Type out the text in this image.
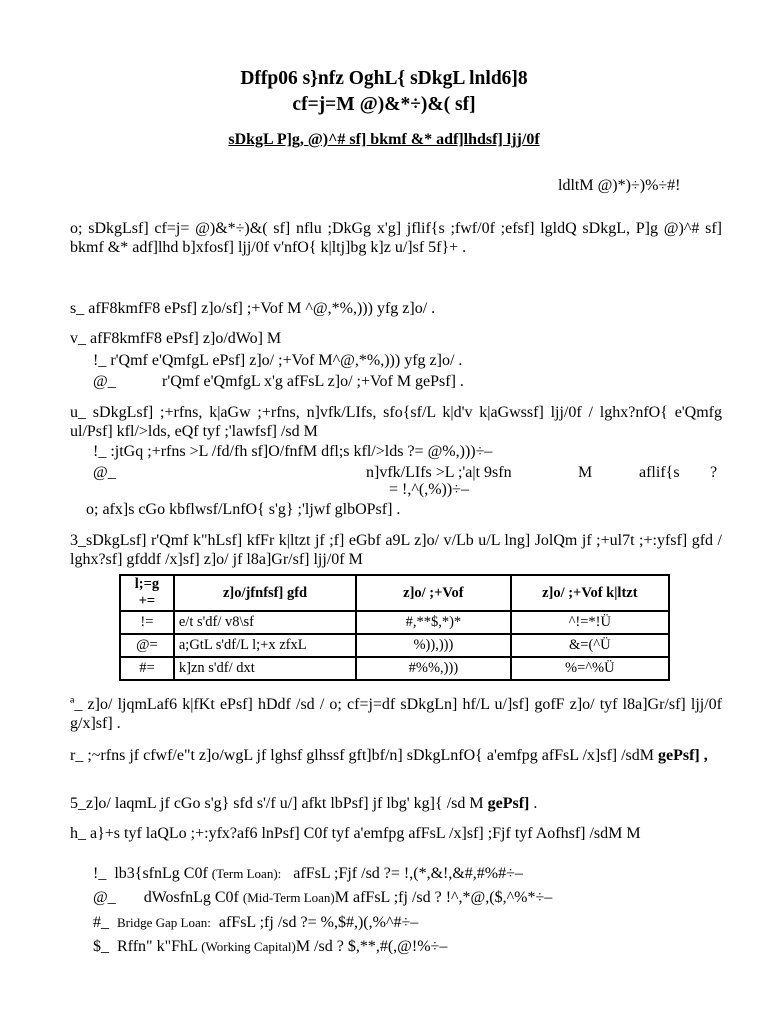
Dffp06 s}nfz OghL{ sDkgL lnld6]8
cf=j=M @)&*÷)&( sf]
sDkgL P]g, @)^# sf] bkmf &* adf]lhdsf] ljj/0f
ldltM @)*)÷)%÷#!
o; sDkgLsf] cf=j= @)&*÷)&( sf] nflu ;DkGg x'g] jflif{s ;fwf/0f ;efsf] lgldQ sDkgL, P]g @)^# sf] bkmf &* adf]lhd b]xfosf] ljj/0f v'nfO{ k|ltj]bg k]z u/]sf 5f}+ .
s_ afF8kmfF8 ePsf] z]o/sf] ;+Vof M ^@,*%,))) yfg z]o/ .
v_ afF8kmfF8 ePsf] z]o/dWo] M
!_ r'Qmf e'QmfgL ePsf] z]o/ ;+Vof M^@,*%,))) yfg z]o/ .
@_	r'Qmf e'QmfgL x'g afFsL z]o/ ;+Vof M gePsf] .
u_ sDkgLsf] ;+rfns, k|aGw ;+rfns, n]vfk/LIfs, sfo{sf/L k|d'v k|aGwssf] ljj/0f / lghx?nfO{ e'Qmfg ul/Psf] kfl/>lds, eQf tyf ;'lawfsf] /sd M
!_ :jtGq ;+rfns >L /fd/fh sf]O/fnfM dfl;s kfl/>lds ?= @%,)))÷–
@_	n]vfk/LIfs >L ;'a|t 9sfn	M	aflif{s ?
= !,^(,%))÷–
o; afx]s cGo kbflwsf/LnfO{ s'g} ;'ljwf glbOPsf] .
3_sDkgLsf] r'Qmf k"hLsf] kfFr k|ltzt jf ;f] eGbf a9L z]o/ v/Lb u/L lng] JolQm jf ;+ul7t ;+:yfsf] gfd / lghx?sf] gfddf /x]sf] z]o/ jf l8a]Gr/sf] ljj/0f M
l;=g +=	z]o/jfnfsf] gfd	z]o/ ;+Vof	z]o/ ;+Vof k|ltzt
!=	e/t s'df/ v8\sf	#,**$,*)*	^!=*!Ü
@=	a;GtL s'df/L l;+x zfxL	%)),)))	&=(^Ü
#=	k]zn s'df/ dxt	#%%,)))	%=^%Ü
ª_ z]o/ ljqmLaf6 k|fKt ePsf] hDdf /sd / o; cf=j=df sDkgLn] hf/L u/]sf] gofF z]o/ tyf l8a]Gr/sf] ljj/0f g/x]sf] .
r_ ;~rfns jf cfwf/e"t z]o/wgL jf lghsf glhssf gft]bf/n] sDkgLnfO{ a'emfpg afFsL /x]sf] /sdM gePsf] ,
5_z]o/ laqmL jf cGo s'g} sfd s'/f u/] afkt lbPsf] jf lbg' kg]{ /sd M gePsf] .
h_ a}+s tyf laQLo ;+:yfx?af6 lnPsf] C0f tyf a'emfpg afFsL /x]sf] ;Fjf tyf Aofhsf] /sdM M
!_ lb3{sfnLg C0f (Term Loan): afFsL ;Fjf /sd ?= !,(*,&!,&#,#%#÷–
@_ dWosfnLg C0f (Mid-Term Loan)M afFsL ;fj /sd ? !^,*@,($,^%*÷–
#_ Bridge Gap Loan: afFsL ;fj /sd ?= %,$#,)(,%^#÷–
$_ Rffn" k"FhL (Working Capital)M /sd ? $,**,#(,@!%÷–
